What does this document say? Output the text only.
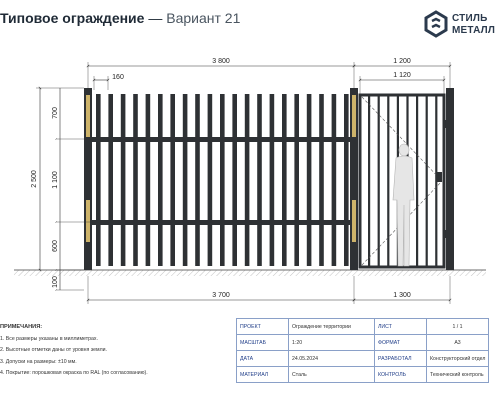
Типовое ограждение — Вариант 21	СТИЛЬ
МЕТАЛЛ
3 800	1 200
1 120
160
3 700	1 300
2 500
700
1 100
600
100
ПРИМЕЧАНИЯ:
1. Все размеры указаны в миллиметрах.
2. Высотные отметки даны от уровня земли.
3. Допуски на размеры: ±10 мм.
4. Покрытие: порошковая окраска по RAL (по согласованию).
ПРОЕКТ	Ограждение территории	ЛИСТ	1 / 1
МАСШТАБ	1:20	ФОРМАТ	A3
ДАТА	24.05.2024	РАЗРАБОТАЛ	Конструкторский отдел
МАТЕРИАЛ	Сталь	КОНТРОЛЬ	Технический контроль
